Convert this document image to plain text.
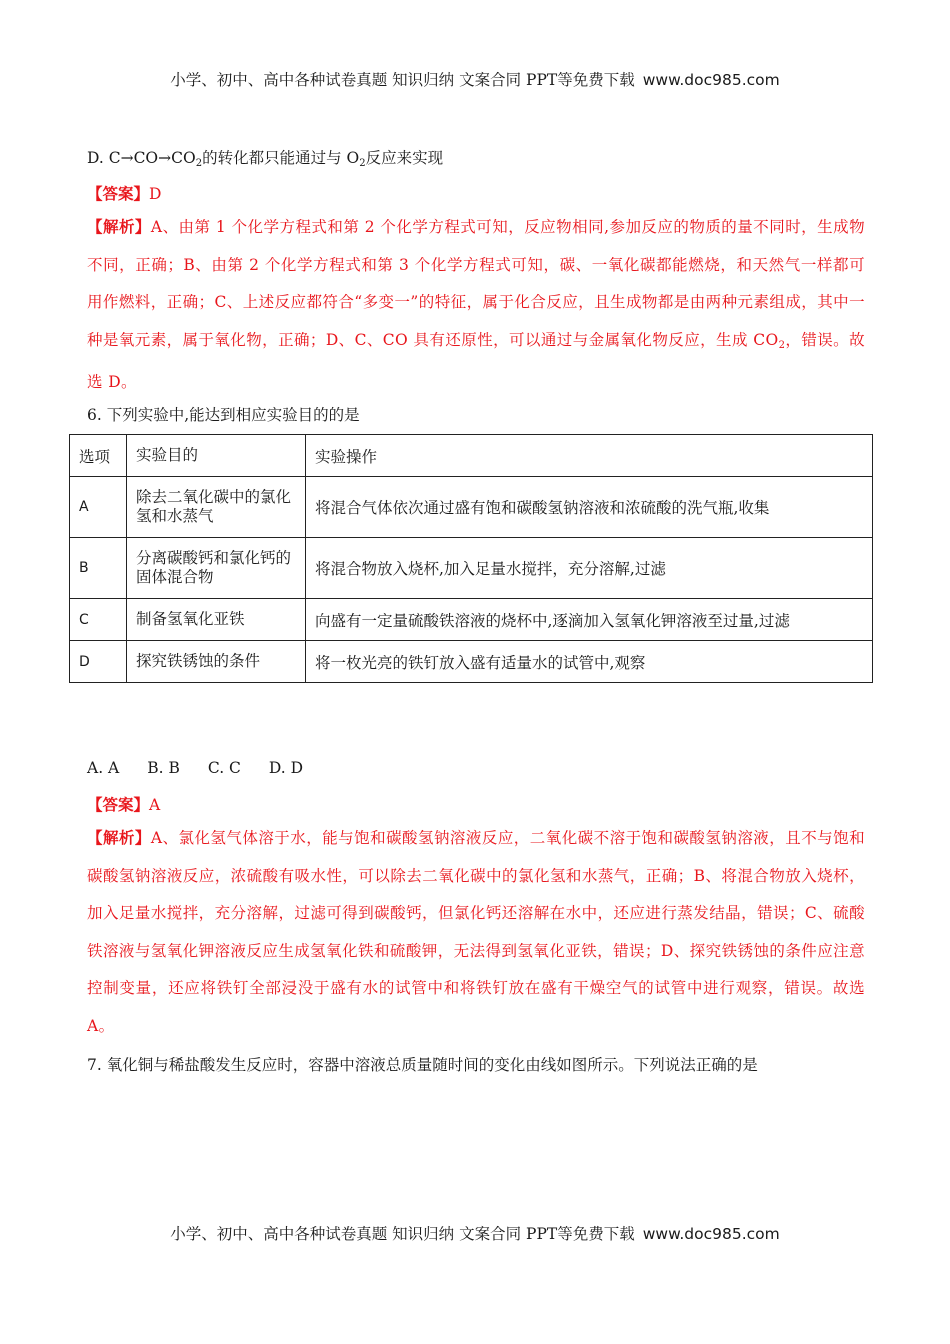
小学、初中、高中各种试卷真题 知识归纳 文案合同 PPT等免费下载 www.doc985.com
D. $C\to CO\to CO_2$的转化都只能通过与 $O_2$反应来实现
【答案】D
【解析】A、由第 1 个化学方程式和第 2 个化学方程式可知，反应物相同,参加反应的物质的量不同时，生成物不同，正确；B、由第 2 个化学方程式和第 3 个化学方程式可知，碳、一氧化碳都能燃烧，和天然气一样都可用作燃料，正确；C、上述反应都符合“多变一”的特征，属于化合反应，且生成物都是由两种元素组成，其中一种是氧元素，属于氧化物，正确；D、C、CO 具有还原性，可以通过与金属氧化物反应，生成 $CO_2$，错误。故选 D。
6. 下列实验中,能达到相应实验目的的是
选项	实验目的	实验操作
A	除去二氧化碳中的氯化氢和水蒸气	将混合气体依次通过盛有饱和碳酸氢钠溶液和浓硫酸的洗气瓶,收集
B	分离碳酸钙和氯化钙的固体混合物	将混合物放入烧杯,加入足量水搅拌，充分溶解,过滤
C	制备氢氧化亚铁	向盛有一定量硫酸铁溶液的烧杯中,逐滴加入氢氧化钾溶液至过量,过滤
D	探究铁锈蚀的条件	将一枚光亮的铁钉放入盛有适量水的试管中,观察
A. A B. B C. C D. D
【答案】A
【解析】A、氯化氢气体溶于水，能与饱和碳酸氢钠溶液反应，二氧化碳不溶于饱和碳酸氢钠溶液，且不与饱和碳酸氢钠溶液反应，浓硫酸有吸水性，可以除去二氧化碳中的氯化氢和水蒸气，正确；B、将混合物放入烧杯，加入足量水搅拌，充分溶解，过滤可得到碳酸钙，但氯化钙还溶解在水中，还应进行蒸发结晶，错误；C、硫酸铁溶液与氢氧化钾溶液反应生成氢氧化铁和硫酸钾，无法得到氢氧化亚铁，错误；D、探究铁锈蚀的条件应注意控制变量，还应将铁钉全部浸没于盛有水的试管中和将铁钉放在盛有干燥空气的试管中进行观察，错误。故选 A。
7. 氧化铜与稀盐酸发生反应时，容器中溶液总质量随时间的变化由线如图所示。下列说法正确的是
小学、初中、高中各种试卷真题 知识归纳 文案合同 PPT等免费下载 www.doc985.com
